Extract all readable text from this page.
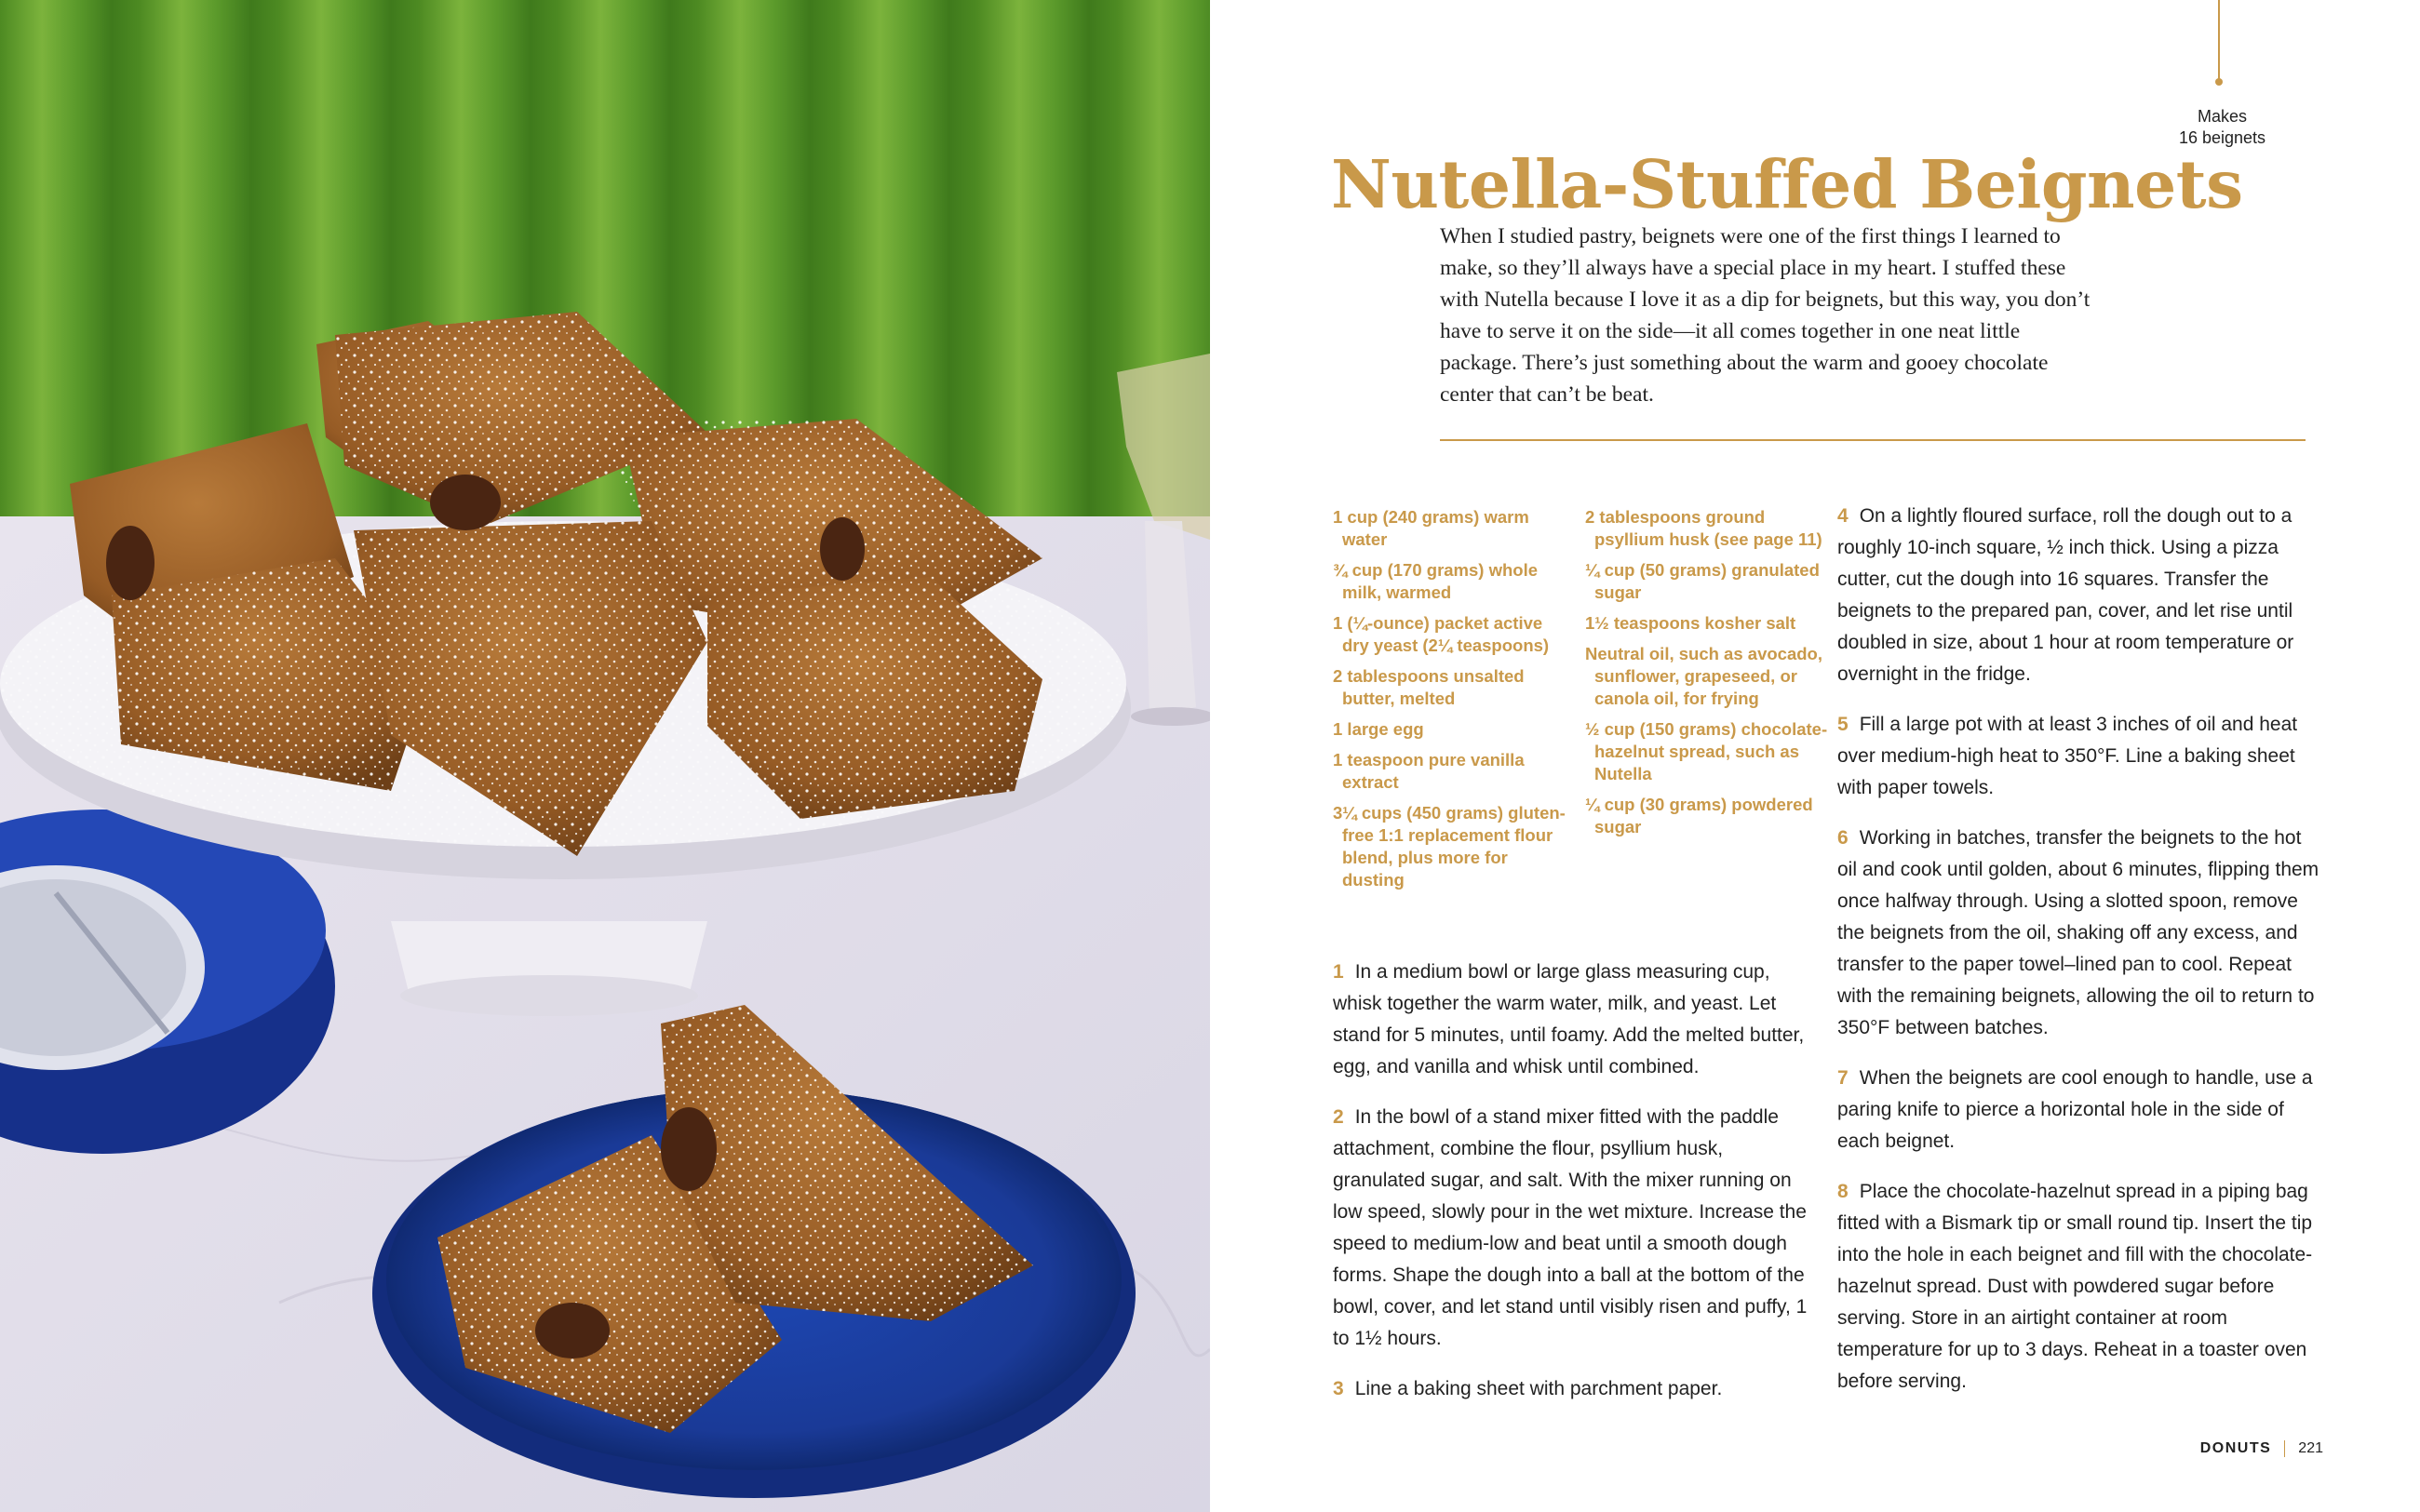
Nutella-Stuffed Beignets
Makes
16 beignets

When I studied pastry, beignets were one of the first things I learned to make, so they’ll always have a special place in my heart. I stuffed these with Nutella because I love it as a dip for beignets, but this way, you don’t have to serve it on the side—it all comes together in one neat little package. There’s just something about the warm and gooey chocolate center that can’t be beat.

1 cup (240 grams) warm water
¾ cup (170 grams) whole milk, warmed
1 (¼-ounce) packet active dry yeast (2¼ teaspoons)
2 tablespoons unsalted butter, melted
1 large egg
1 teaspoon pure vanilla extract
3¼ cups (450 grams) gluten-free 1:1 replacement flour blend, plus more for dusting
2 tablespoons ground psyllium husk (see page 11)
¼ cup (50 grams) granulated sugar
1½ teaspoons kosher salt
Neutral oil, such as avocado, sunflower, grapeseed, or canola oil, for frying
½ cup (150 grams) chocolate-hazelnut spread, such as Nutella
¼ cup (30 grams) powdered sugar
1 In a medium bowl or large glass measuring cup, whisk together the warm water, milk, and yeast. Let stand for 5 minutes, until foamy. Add the melted butter, egg, and vanilla and whisk until combined.
2 In the bowl of a stand mixer fitted with the paddle attachment, combine the flour, psyllium husk, granulated sugar, and salt. With the mixer running on low speed, slowly pour in the wet mixture. Increase the speed to medium-low and beat until a smooth dough forms. Shape the dough into a ball at the bottom of the bowl, cover, and let stand until visibly risen and puffy, 1 to 1½ hours.
3 Line a baking sheet with parchment paper.
4 On a lightly floured surface, roll the dough out to a roughly 10-inch square, ½ inch thick. Using a pizza cutter, cut the dough into 16 squares. Transfer the beignets to the prepared pan, cover, and let rise until doubled in size, about 1 hour at room temperature or overnight in the fridge.
5 Fill a large pot with at least 3 inches of oil and heat over medium-high heat to 350°F. Line a baking sheet with paper towels.
6 Working in batches, transfer the beignets to the hot oil and cook until golden, about 6 minutes, flipping them once halfway through. Using a slotted spoon, remove the beignets from the oil, shaking off any excess, and transfer to the paper towel–lined pan to cool. Repeat with the remaining beignets, allowing the oil to return to 350°F between batches.
7 When the beignets are cool enough to handle, use a paring knife to pierce a horizontal hole in the side of each beignet.
8 Place the chocolate-hazelnut spread in a piping bag fitted with a Bismark tip or small round tip. Insert the tip into the hole in each beignet and fill with the chocolate-hazelnut spread. Dust with powdered sugar before serving. Store in an airtight container at room temperature for up to 3 days. Reheat in a toaster oven before serving.
DONUTS 221
